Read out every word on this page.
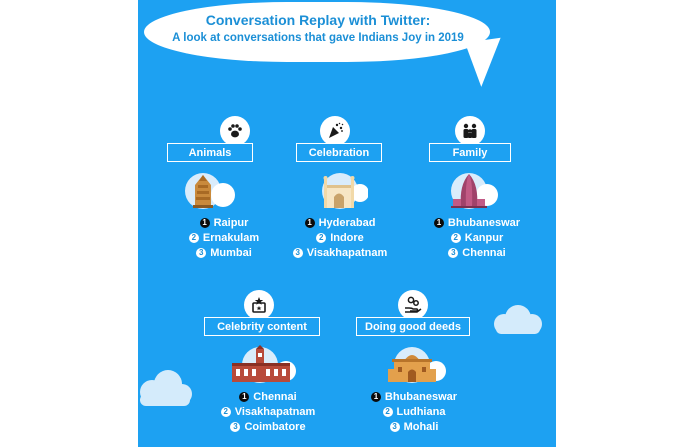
Conversation Replay with Twitter:
A look at conversations that gave Indians Joy in 2019
Animals
1 Raipur
2 Ernakulam
3 Mumbai
Celebration
1 Hyderabad
2 Indore
3 Visakhapatnam
Family
1 Bhubaneswar
2 Kanpur
3 Chennai
Celebrity content
1 Chennai
2 Visakhapatnam
3 Coimbatore
Doing good deeds
1 Bhubaneswar
2 Ludhiana
3 Mohali
